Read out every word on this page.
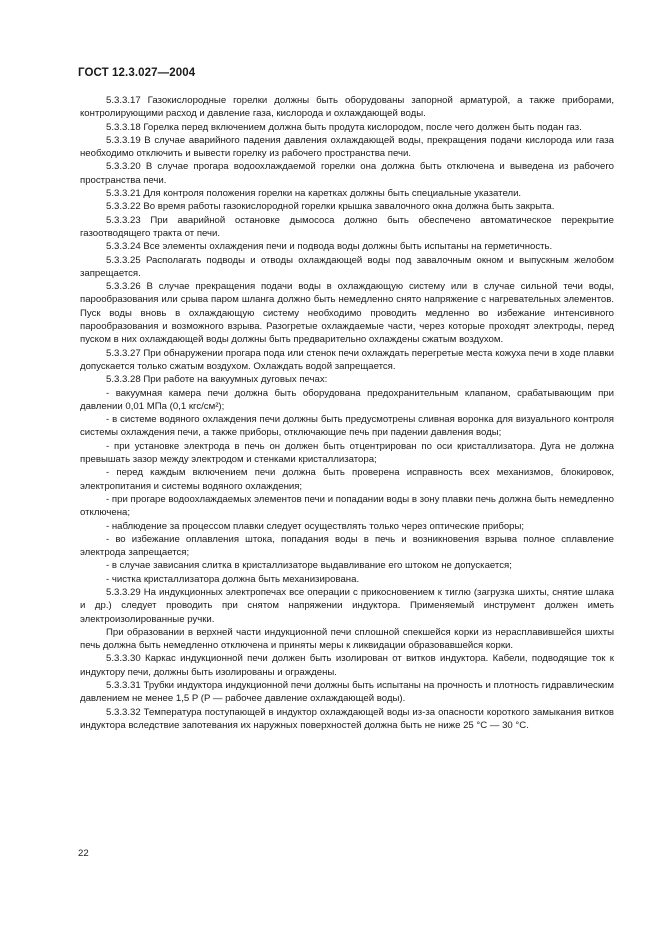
ГОСТ 12.3.027—2004

5.3.3.17 Газокислородные горелки должны быть оборудованы запорной арматурой, а также приборами, контролирующими расход и давление газа, кислорода и охлаждающей воды.

5.3.3.18 Горелка перед включением должна быть продута кислородом, после чего должен быть подан газ.

5.3.3.19 В случае аварийного падения давления охлаждающей воды, прекращения подачи кислорода или газа необходимо отключить и вывести горелку из рабочего пространства печи.

5.3.3.20 В случае прогара водоохлаждаемой горелки она должна быть отключена и выведена из рабочего пространства печи.

5.3.3.21 Для контроля положения горелки на каретках должны быть специальные указатели.

5.3.3.22 Во время работы газокислородной горелки крышка завалочного окна должна быть закрыта.

5.3.3.23 При аварийной остановке дымососа должно быть обеспечено автоматическое перекрытие газоотводящего тракта от печи.

5.3.3.24 Все элементы охлаждения печи и подвода воды должны быть испытаны на герметичность.

5.3.3.25 Располагать подводы и отводы охлаждающей воды под завалочным окном и выпускным желобом запрещается.

5.3.3.26 В случае прекращения подачи воды в охлаждающую систему или в случае сильной течи воды, парообразования или срыва паром шланга должно быть немедленно снято напряжение с нагревательных элементов. Пуск воды вновь в охлаждающую систему необходимо проводить медленно во избежание интенсивного парообразования и возможного взрыва. Разогретые охлаждаемые части, через которые проходят электроды, перед пуском в них охлаждающей воды должны быть предварительно охлаждены сжатым воздухом.

5.3.3.27 При обнаружении прогара пода или стенок печи охлаждать перегретые места кожуха печи в ходе плавки допускается только сжатым воздухом. Охлаждать водой запрещается.

5.3.3.28 При работе на вакуумных дуговых печах:

- вакуумная камера печи должна быть оборудована предохранительным клапаном, срабатывающим при давлении 0,01 МПа (0,1 кгс/см²);

- в системе водяного охлаждения печи должны быть предусмотрены сливная воронка для визуального контроля системы охлаждения печи, а также приборы, отключающие печь при падении давления воды;

- при установке электрода в печь он должен быть отцентрирован по оси кристаллизатора. Дуга не должна превышать зазор между электродом и стенками кристаллизатора;

- перед каждым включением печи должна быть проверена исправность всех механизмов, блокировок, электропитания и системы водяного охлаждения;

- при прогаре водоохлаждаемых элементов печи и попадании воды в зону плавки печь должна быть немедленно отключена;

- наблюдение за процессом плавки следует осуществлять только через оптические приборы;

- во избежание оплавления штока, попадания воды в печь и возникновения взрыва полное сплавление электрода запрещается;

- в случае зависания слитка в кристаллизаторе выдавливание его штоком не допускается;

- чистка кристаллизатора должна быть механизирована.

5.3.3.29 На индукционных электропечах все операции с прикосновением к тиглю (загрузка шихты, снятие шлака и др.) следует проводить при снятом напряжении индуктора. Применяемый инструмент должен иметь электроизолированные ручки.

При образовании в верхней части индукционной печи сплошной спекшейся корки из нерасплавившейся шихты печь должна быть немедленно отключена и приняты меры к ликвидации образовавшейся корки.

5.3.3.30 Каркас индукционной печи должен быть изолирован от витков индуктора. Кабели, подводящие ток к индуктору печи, должны быть изолированы и ограждены.

5.3.3.31 Трубки индуктора индукционной печи должны быть испытаны на прочность и плотность гидравлическим давлением не менее 1,5 P (P — рабочее давление охлаждающей воды).

5.3.3.32 Температура поступающей в индуктор охлаждающей воды из-за опасности короткого замыкания витков индуктора вследствие запотевания их наружных поверхностей должна быть не ниже 25 °С — 30 °С.

22
